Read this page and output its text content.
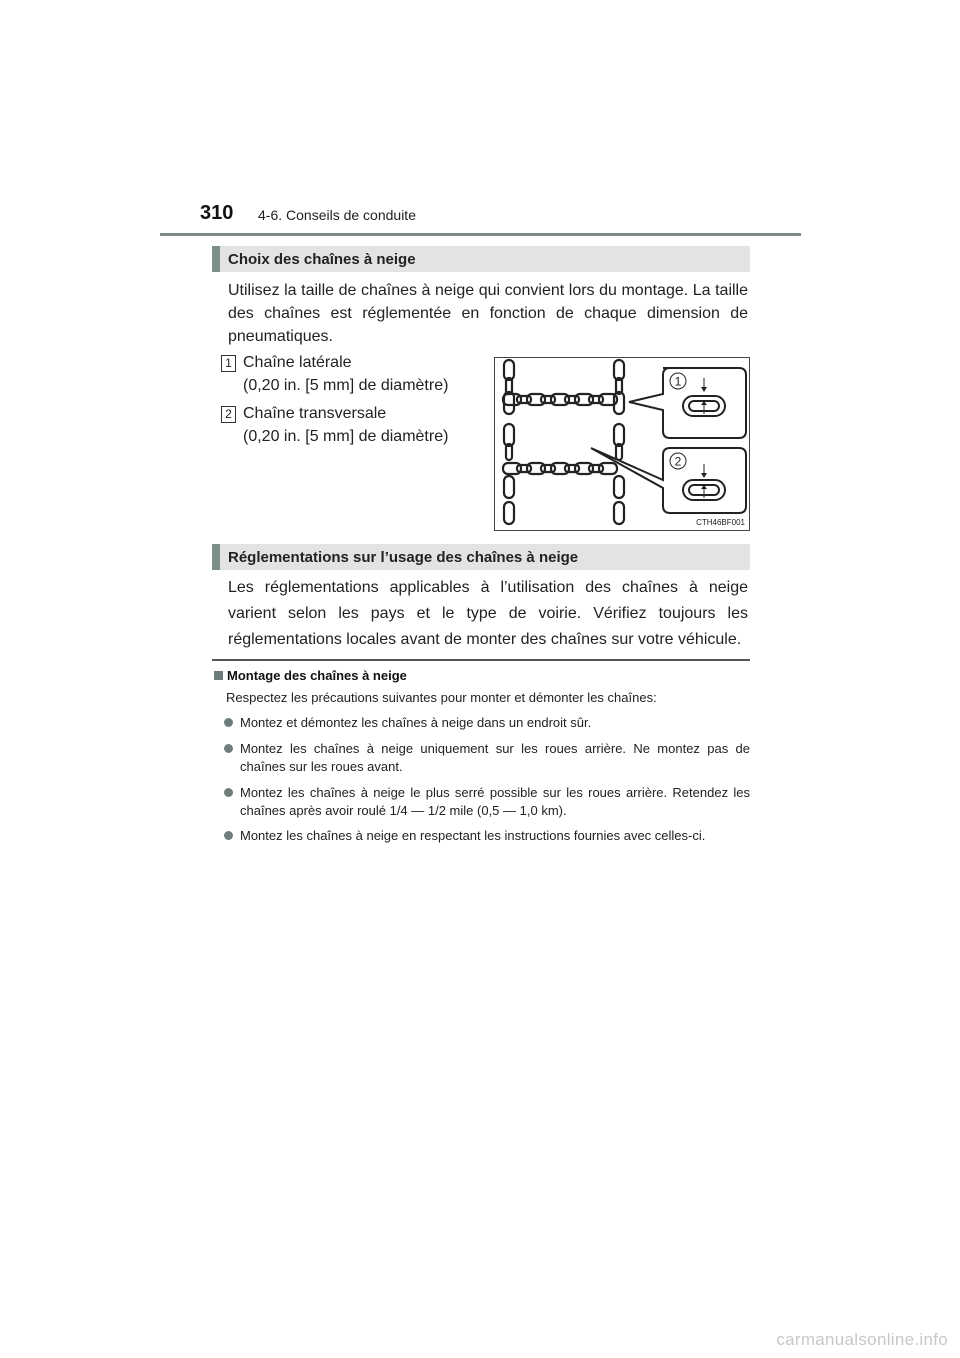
310 4-6. Conseils de conduite
Choix des chaînes à neige
Utilisez la taille de chaînes à neige qui convient lors du montage. La taille des chaînes est réglementée en fonction de chaque dimension de pneumatiques.
1 Chaîne latérale
(0,20 in. [5 mm] de diamètre)
2 Chaîne transversale
(0,20 in. [5 mm] de diamètre)
1
2
CTH46BF001
Réglementations sur l’usage des chaînes à neige
Les réglementations applicables à l’utilisation des chaînes à neige varient selon les pays et le type de voirie. Vérifiez toujours les réglementations locales avant de monter des chaînes sur votre véhicule.
Montage des chaînes à neige
Respectez les précautions suivantes pour monter et démonter les chaînes:
Montez et démontez les chaînes à neige dans un endroit sûr.
Montez les chaînes à neige uniquement sur les roues arrière. Ne montez pas de chaînes sur les roues avant.
Montez les chaînes à neige le plus serré possible sur les roues arrière. Retendez les chaînes après avoir roulé 1/4 — 1/2 mile (0,5 — 1,0 km).
Montez les chaînes à neige en respectant les instructions fournies avec celles-ci.
carmanualsonline.info
